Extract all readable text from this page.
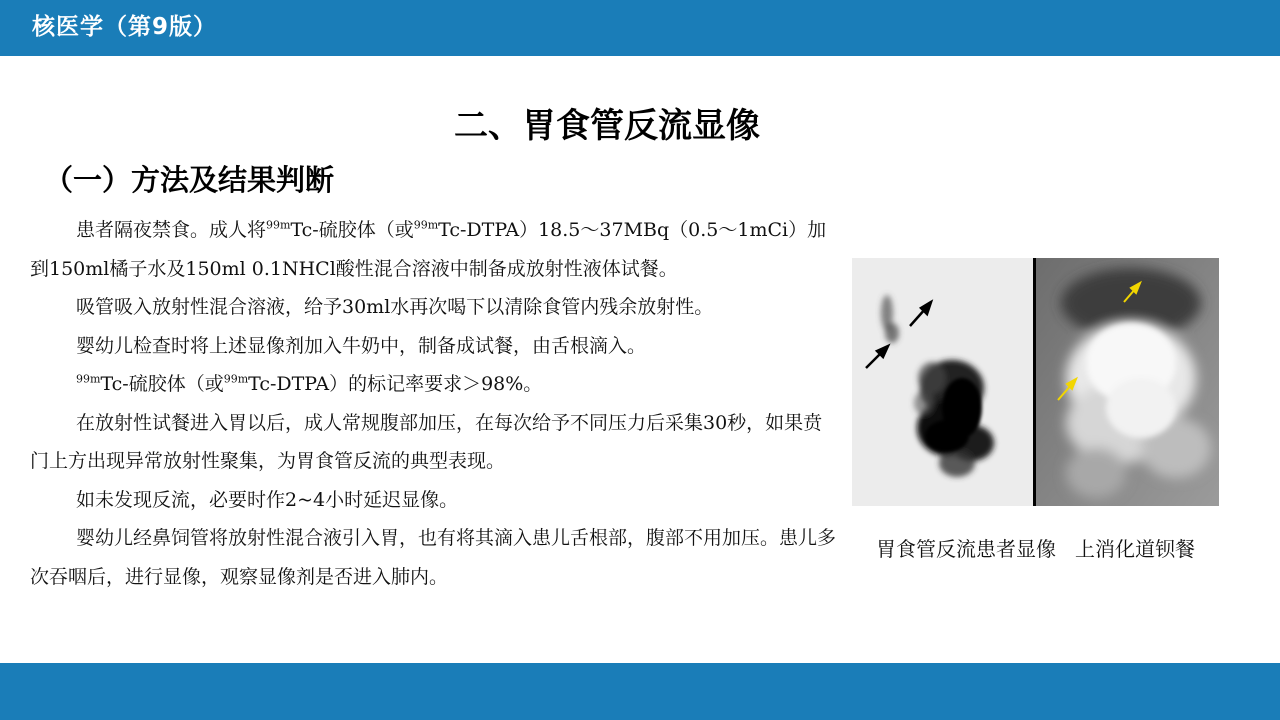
核医学（第9版）
二、胃食管反流显像
（一）方法及结果判断

患者隔夜禁食。成人将$^{99m}$Tc-硫胶体（或$^{99m}$Tc-DTPA）18.5～37MBq（0.5～1mCi）加到150ml橘子水及150ml 0.1NHCl酸性混合溶液中制备成放射性液体试餐。

吸管吸入放射性混合溶液，给予30ml水再次喝下以清除食管内残余放射性。

婴幼儿检查时将上述显像剂加入牛奶中，制备成试餐，由舌根滴入。

$^{99m}$Tc-硫胶体（或$^{99m}$Tc-DTPA）的标记率要求＞98%。

在放射性试餐进入胃以后，成人常规腹部加压，在每次给予不同压力后采集30秒，如果贲门上方出现异常放射性聚集，为胃食管反流的典型表现。

如未发现反流，必要时作2~4小时延迟显像。

婴幼儿经鼻饲管将放射性混合液引入胃，也有将其滴入患儿舌根部，腹部不用加压。患儿多次吞咽后，进行显像，观察显像剂是否进入肺内。

胃食管反流患者显像   上消化道钡餐
